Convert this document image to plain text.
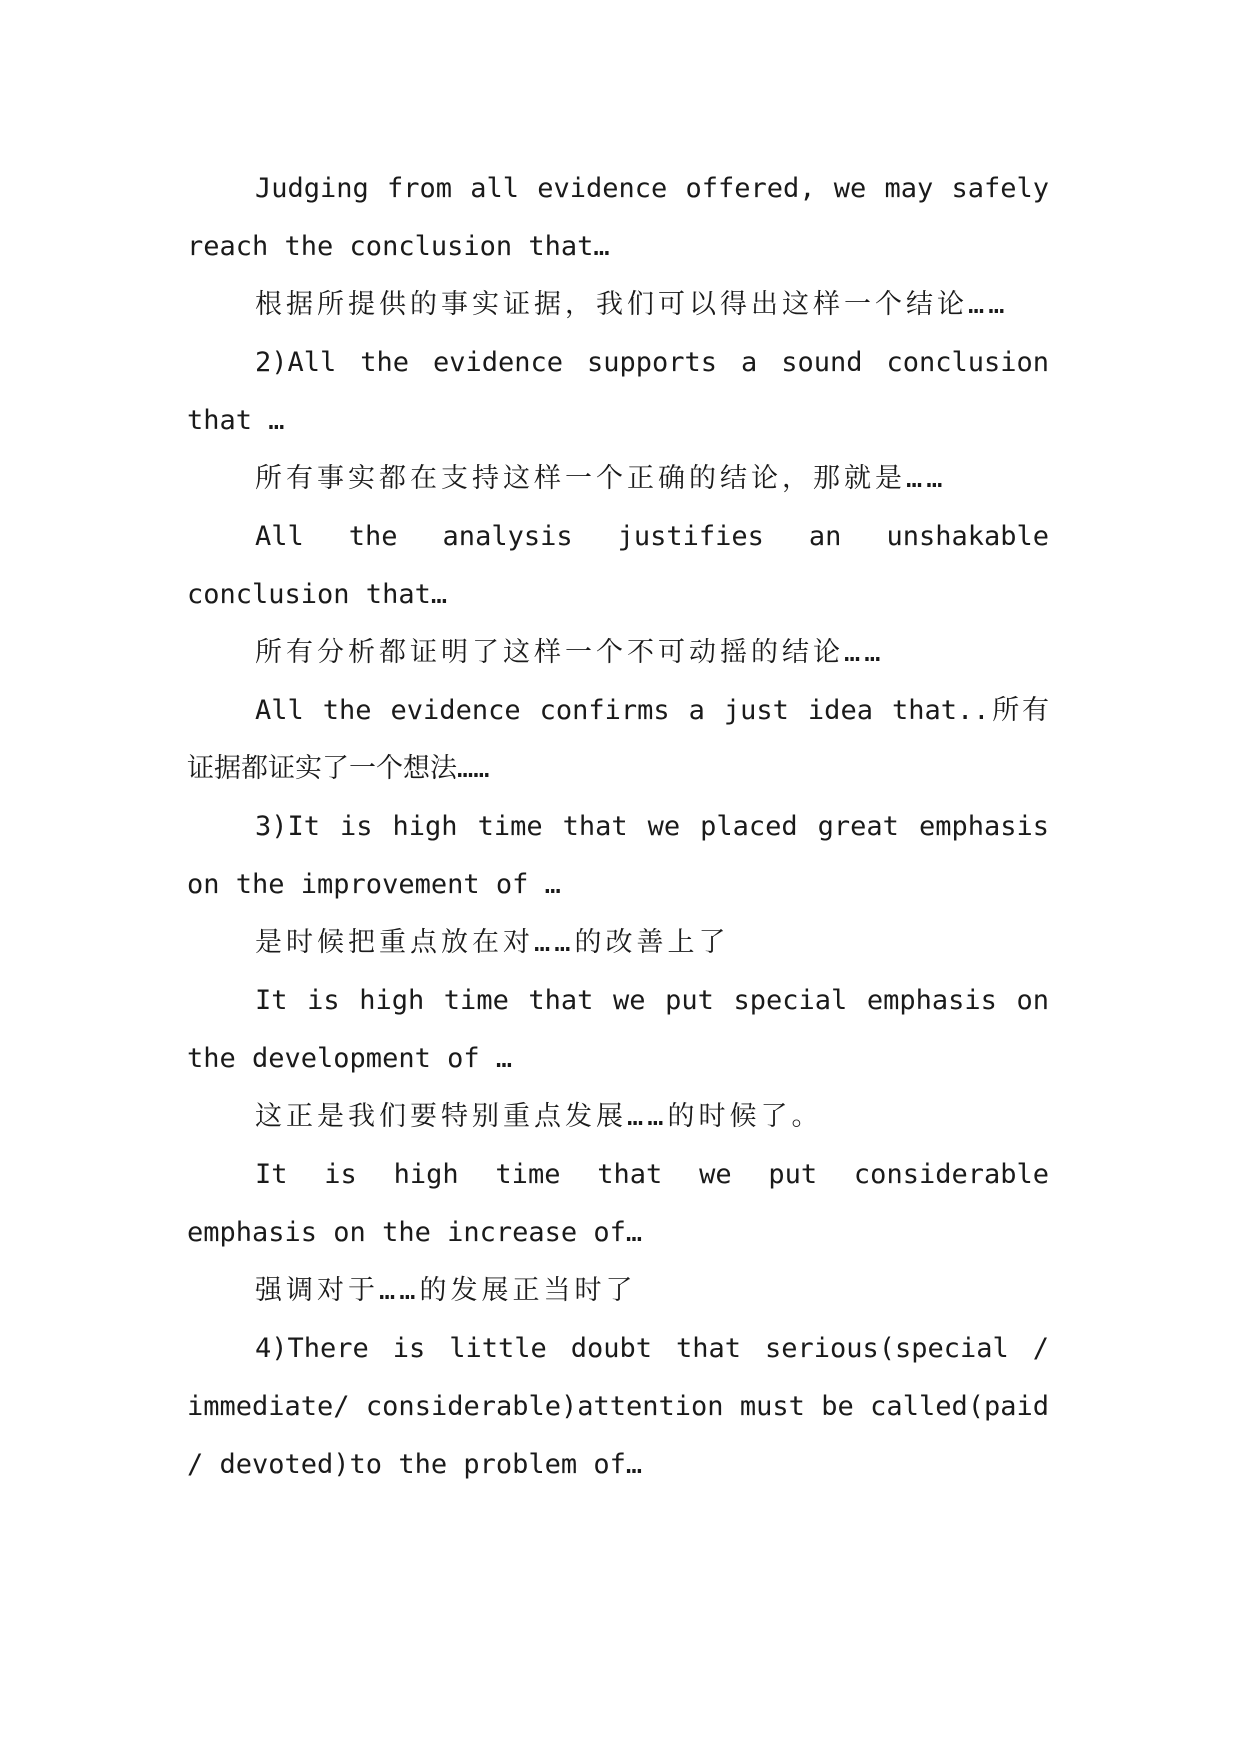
Judging from all evidence offered, we may safely reach the conclusion that…

根据所提供的事实证据，我们可以得出这样一个结论……

2)All the evidence supports a sound conclusion that …

所有事实都在支持这样一个正确的结论，那就是……

All the analysis justifies an unshakable conclusion that…

所有分析都证明了这样一个不可动摇的结论……

All the evidence confirms a just idea that..所有证据都证实了一个想法……

3)It is high time that we placed great emphasis on the improvement of …

是时候把重点放在对……的改善上了

It is high time that we put special emphasis on the development of …

这正是我们要特别重点发展……的时候了。

It is high time that we put considerable emphasis on the increase of…

强调对于……的发展正当时了

4)There is little doubt that serious(special / immediate/ considerable)attention must be called(paid / devoted)to the problem of…
